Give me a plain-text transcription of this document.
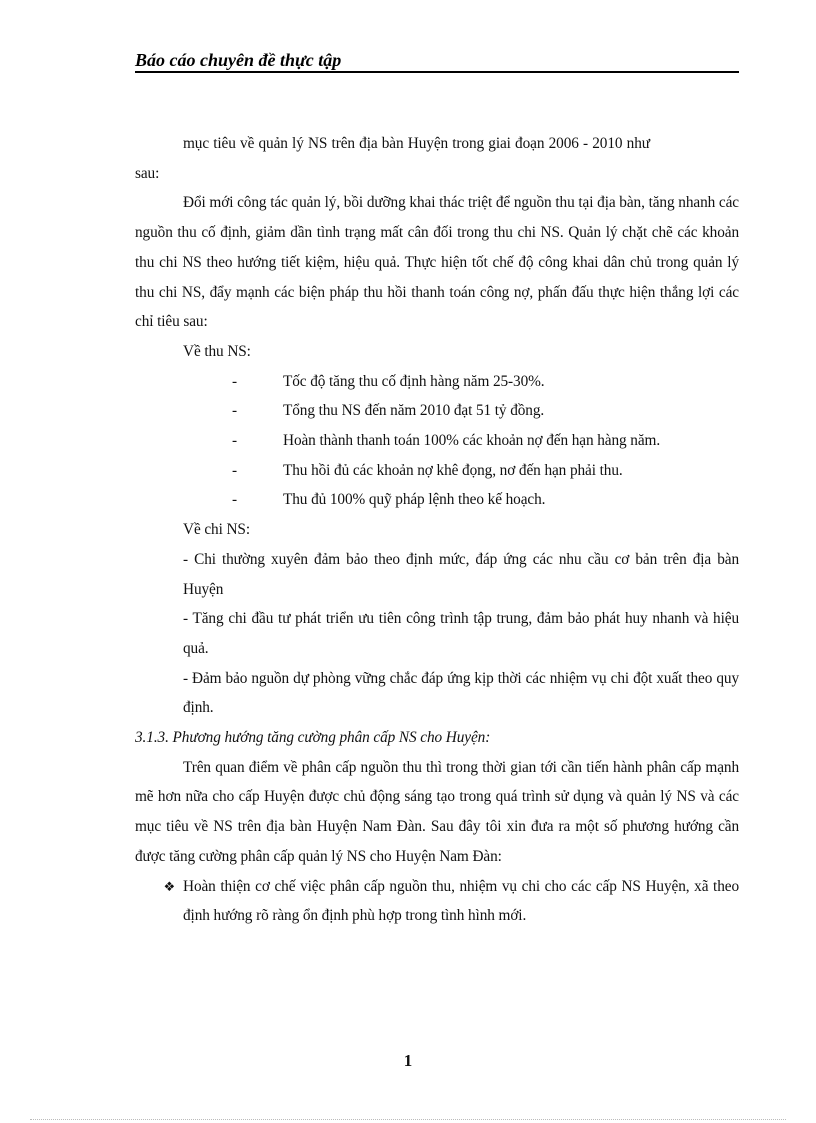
Báo cáo chuyên đề thực tập

mục tiêu về quản lý NS trên địa bàn Huyện trong giai đoạn 2006 - 2010 như

sau:

Đổi mới công tác quản lý, bồi dưỡng khai thác triệt để nguồn thu tại địa bàn, tăng nhanh các nguồn thu cố định, giảm dần tình trạng mất cân đối trong thu chi NS. Quản lý chặt chẽ các khoản thu chi NS theo hướng tiết kiệm, hiệu quả. Thực hiện tốt chế độ công khai dân chủ trong quản lý thu chi NS, đẩy mạnh các biện pháp thu hồi thanh toán công nợ, phấn đấu thực hiện thắng lợi các chỉ tiêu sau:

Về thu NS:

-	Tốc độ tăng thu cố định hàng năm 25-30%.
-	Tổng thu NS đến năm 2010 đạt 51 tỷ đồng.
-	Hoàn thành thanh toán 100% các khoản nợ đến hạn hàng năm.
-	Thu hồi đủ các khoản nợ khê đọng, nơ đến hạn phải thu.
-	Thu đủ 100% quỹ pháp lệnh theo kế hoạch.

Về chi NS:

- Chi thường xuyên đảm bảo theo định mức, đáp ứng các nhu cầu cơ bản trên địa bàn Huyện

- Tăng chi đầu tư phát triển ưu tiên công trình tập trung, đảm bảo phát huy nhanh và hiệu quả.

- Đảm bảo nguồn dự phòng vững chắc đáp ứng kịp thời các nhiệm vụ chi đột xuất theo quy định.

3.1.3. Phương hướng tăng cường phân cấp NS cho Huyện:

Trên quan điểm về phân cấp nguồn thu thì trong thời gian tới cần tiến hành phân cấp mạnh mẽ hơn nữa cho cấp Huyện được chủ động sáng tạo trong quá trình sử dụng và quản lý NS và các mục tiêu về NS trên địa bàn Huyện Nam Đàn. Sau đây tôi xin đưa ra một số phương hướng cần được tăng cường phân cấp quản lý NS cho Huyện Nam Đàn:

❖ Hoàn thiện cơ chế việc phân cấp nguồn thu, nhiệm vụ chi cho các cấp NS Huyện, xã theo định hướng rõ ràng ổn định phù hợp trong tình hình mới.
1
